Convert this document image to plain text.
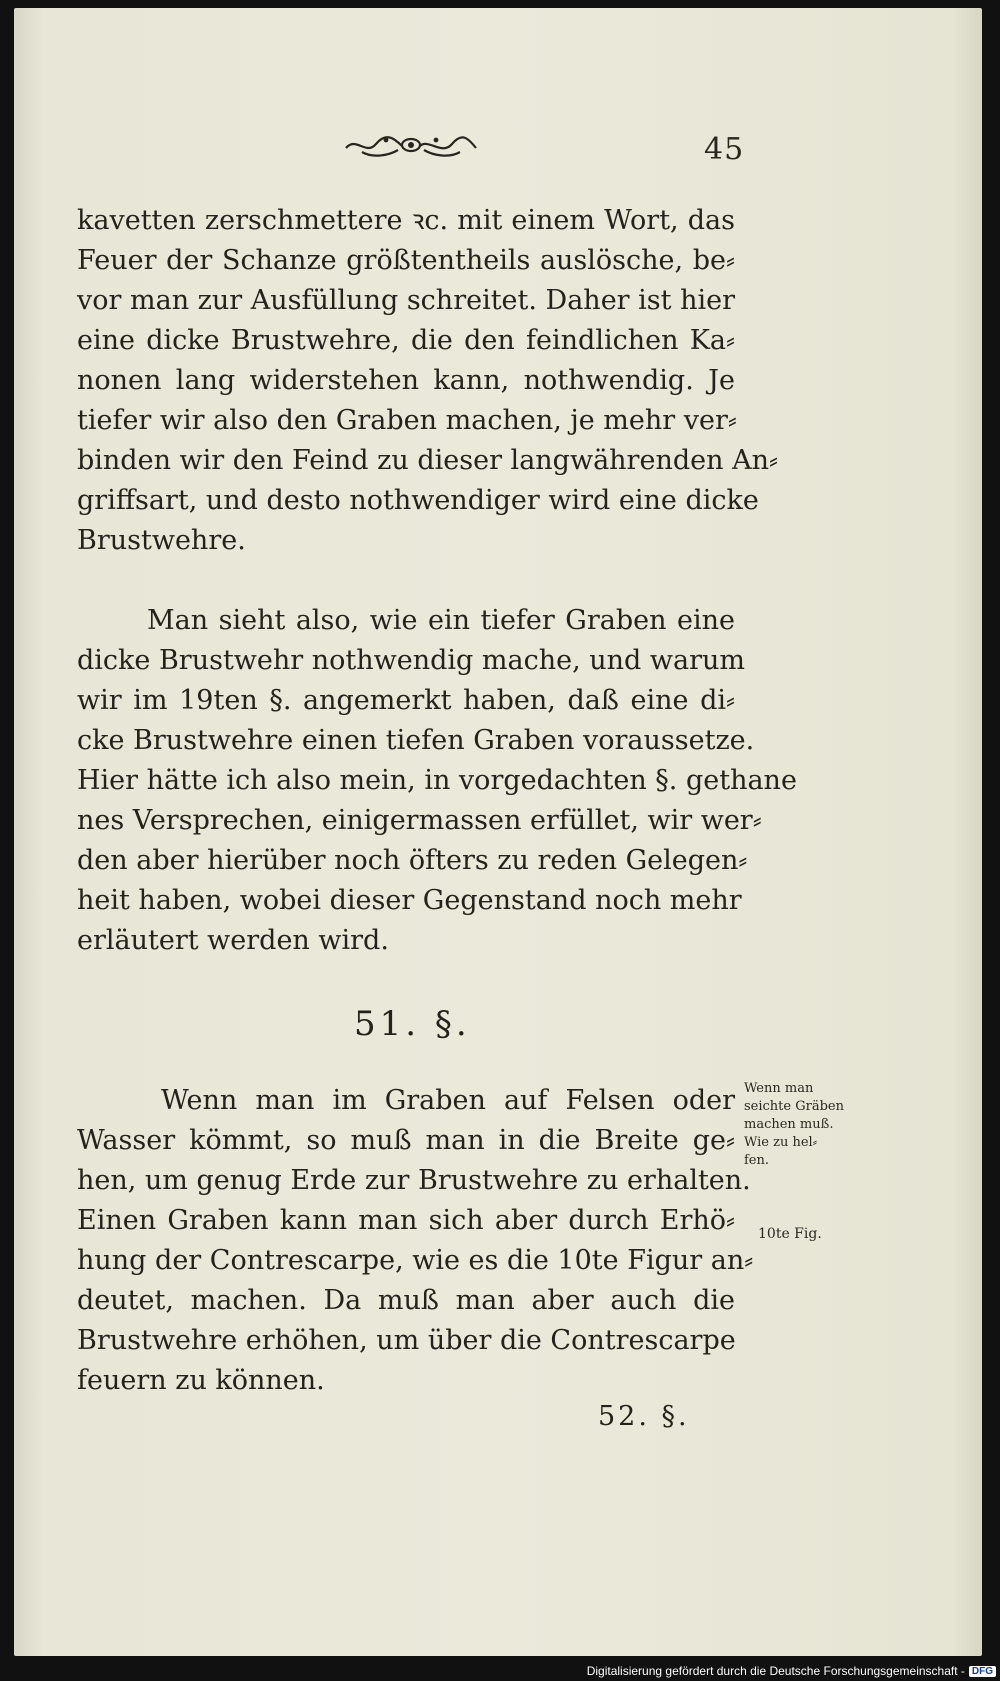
45
kavetten zerschmettere ꝛc. mit einem Wort, das
Feuer der Schanze größtentheils auslösche, be⸗
vor man zur Ausfüllung schreitet. Daher ist hier
eine dicke Brustwehre, die den feindlichen Ka⸗
nonen lang widerstehen kann, nothwendig. Je
tiefer wir also den Graben machen, je mehr ver⸗
binden wir den Feind zu dieser langwährenden An⸗
griffsart, und desto nothwendiger wird eine dicke
Brustwehre.
Man sieht also, wie ein tiefer Graben eine
dicke Brustwehr nothwendig mache, und warum
wir im 19ten §. angemerkt haben, daß eine di⸗
cke Brustwehre einen tiefen Graben voraussetze.
Hier hätte ich also mein, in vorgedachten §. gethane
nes Versprechen, einigermassen erfüllet, wir wer⸗
den aber hierüber noch öfters zu reden Gelegen⸗
heit haben, wobei dieser Gegenstand noch mehr
erläutert werden wird.
51. §.
Wenn man im Graben auf Felsen oder
Wasser kömmt, so muß man in die Breite ge⸗
hen, um genug Erde zur Brustwehre zu erhalten.
Einen Graben kann man sich aber durch Erhö⸗
hung der Contrescarpe, wie es die 10te Figur an⸗
deutet, machen. Da muß man aber auch die
Brustwehre erhöhen, um über die Contrescarpe
feuern zu können.
Wenn man
seichte Gräben
machen muß.
Wie zu hel⸗
fen.
10te Fig.
52. §.
Digitalisierung gefördert durch die Deutsche Forschungsgemeinschaft - DFG
